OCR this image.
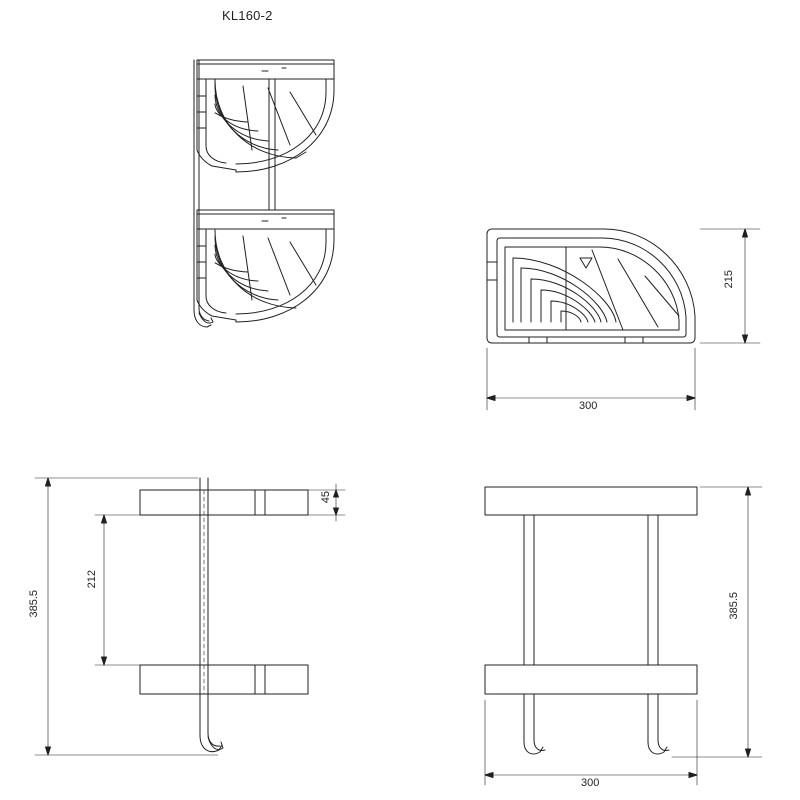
KL160-2
215
300
385.5
212
45
385.5
300
